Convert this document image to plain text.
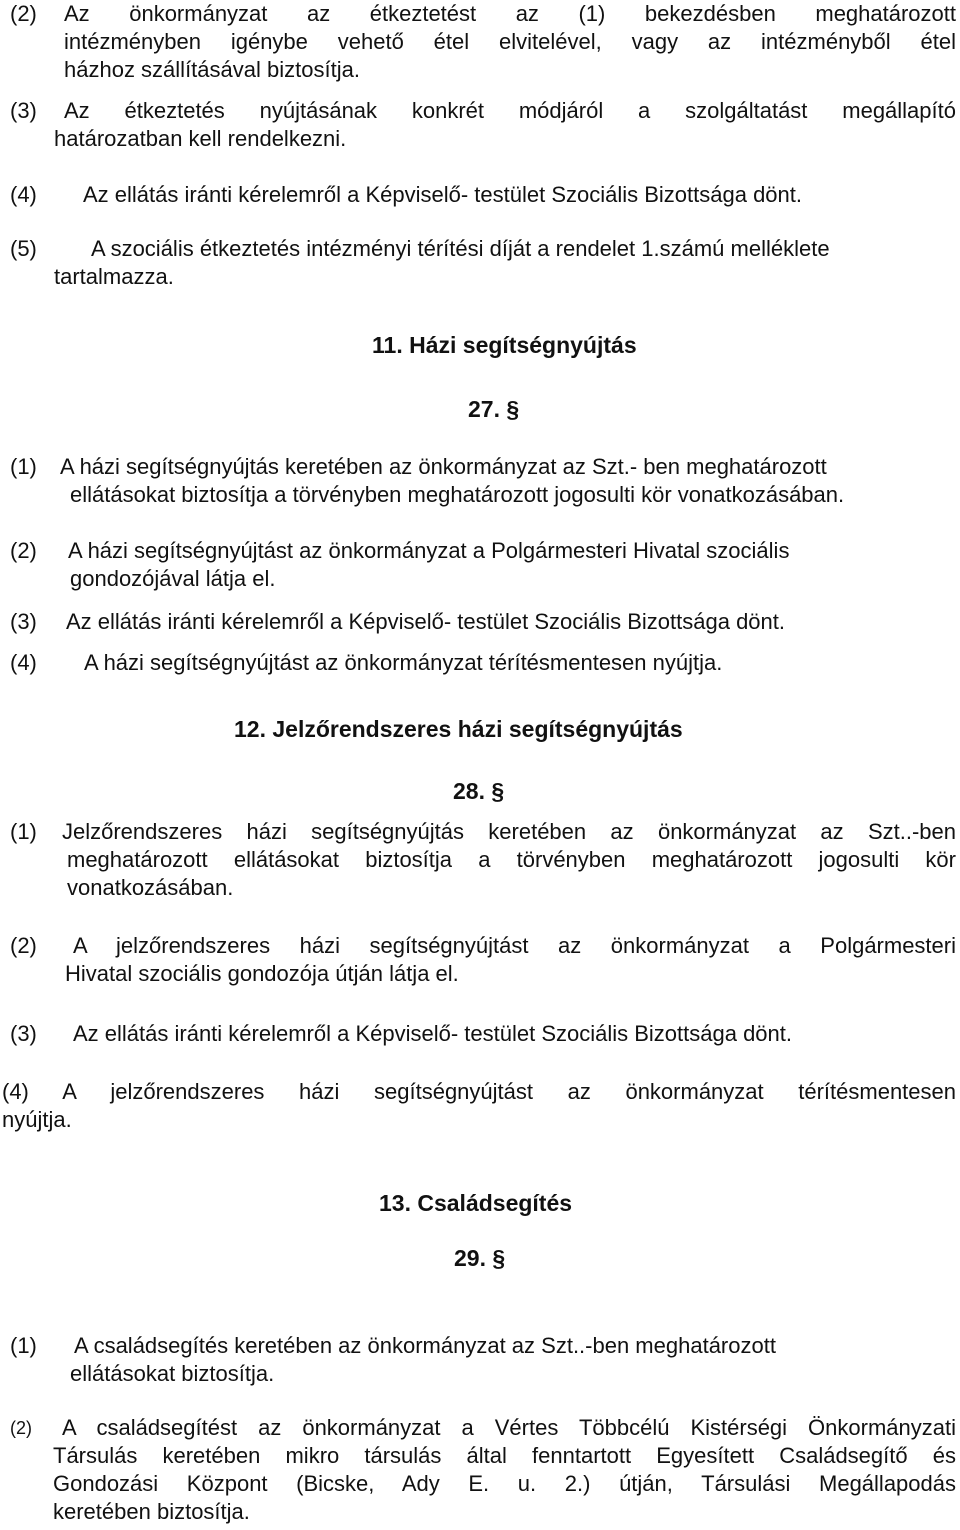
(2) Az önkormányzat az étkeztetést az (1) bekezdésben meghatározott
intézményben igénybe vehető étel elvitelével, vagy az intézményből étel
házhoz szállításával biztosítja.
(3) Az étkeztetés nyújtásának konkrét módjáról a szolgáltatást megállapító
határozatban kell rendelkezni.
(4) Az ellátás iránti kérelemről a Képviselő- testület Szociális Bizottsága dönt.
(5) A szociális étkeztetés intézményi térítési díját a rendelet 1.számú melléklete
tartalmazza.
11. Házi segítségnyújtás
27. §
(1) A házi segítségnyújtás keretében az önkormányzat az Szt.- ben meghatározott
ellátásokat biztosítja a törvényben meghatározott jogosulti kör vonatkozásában.
(2) A házi segítségnyújtást az önkormányzat a Polgármesteri Hivatal szociális
gondozójával látja el.
(3) Az ellátás iránti kérelemről a Képviselő- testület Szociális Bizottsága dönt.
(4) A házi segítségnyújtást az önkormányzat térítésmentesen nyújtja.
12. Jelzőrendszeres házi segítségnyújtás
28. §
(1) Jelzőrendszeres házi segítségnyújtás keretében az önkormányzat az Szt..-ben
meghatározott ellátásokat biztosítja a törvényben meghatározott jogosulti kör
vonatkozásában.
(2) A jelzőrendszeres házi segítségnyújtást az önkormányzat a Polgármesteri
Hivatal szociális gondozója útján látja el.
(3) Az ellátás iránti kérelemről a Képviselő- testület Szociális Bizottsága dönt.
(4) A jelzőrendszeres házi segítségnyújtást az önkormányzat térítésmentesen
nyújtja.
13. Családsegítés
29. §
(1) A családsegítés keretében az önkormányzat az Szt..-ben meghatározott
ellátásokat biztosítja.
(2) A családsegítést az önkormányzat a Vértes Többcélú Kistérségi Önkormányzati
Társulás keretében mikro társulás által fenntartott Egyesített Családsegítő és
Gondozási Központ (Bicske, Ady E. u. 2.) útján, Társulási Megállapodás
keretében biztosítja.
